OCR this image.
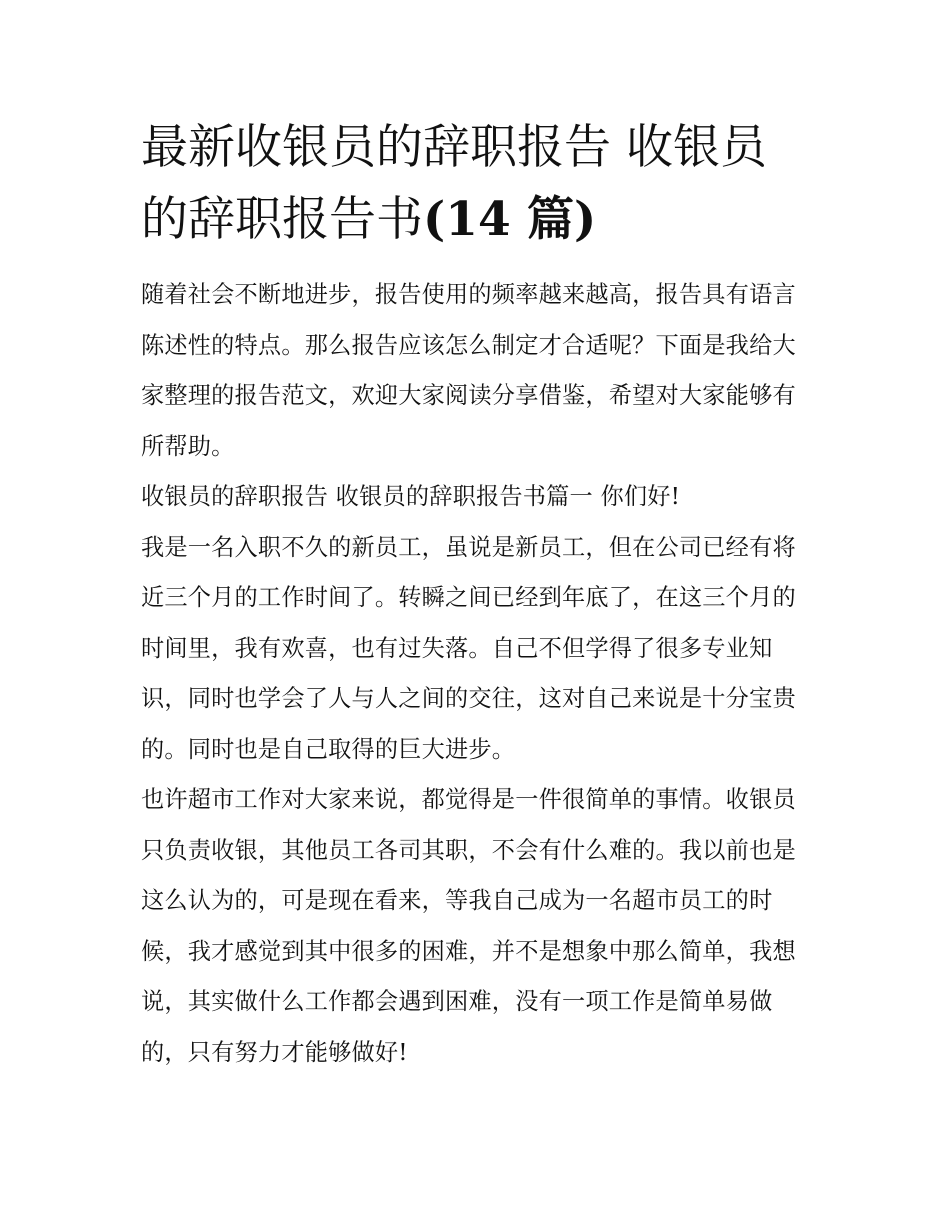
最新收银员的辞职报告 收银员的辞职报告书(14 篇)

随着社会不断地进步，报告使用的频率越来越高，报告具有语言陈述性的特点。那么报告应该怎么制定才合适呢？下面是我给大家整理的报告范文，欢迎大家阅读分享借鉴，希望对大家能够有所帮助。

收银员的辞职报告 收银员的辞职报告书篇一 你们好!

我是一名入职不久的新员工，虽说是新员工，但在公司已经有将近三个月的工作时间了。转瞬之间已经到年底了，在这三个月的时间里，我有欢喜，也有过失落。自己不但学得了很多专业知识，同时也学会了人与人之间的交往，这对自己来说是十分宝贵的。同时也是自己取得的巨大进步。

也许超市工作对大家来说，都觉得是一件很简单的事情。收银员只负责收银，其他员工各司其职，不会有什么难的。我以前也是这么认为的，可是现在看来，等我自己成为一名超市员工的时候，我才感觉到其中很多的困难，并不是想象中那么简单，我想说，其实做什么工作都会遇到困难，没有一项工作是简单易做的，只有努力才能够做好!
